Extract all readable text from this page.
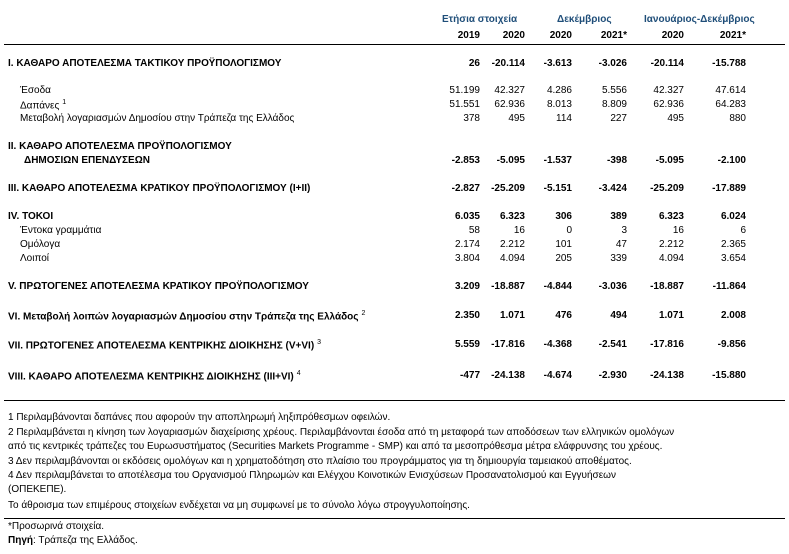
Ετήσια στοιχεία	Δεκέμβριος	Ιανουάριος-Δεκέμβριος
2019	2020	2020	2021*	2020	2021*
Ι. ΚΑΘΑΡΟ ΑΠΟΤΕΛΕΣΜΑ ΤΑΚΤΙΚΟΥ ΠΡΟΫΠΟΛΟΓΙΣΜΟΥ	26	-20.114	-3.613	-3.026	-20.114	-15.788
Έσοδα	51.199	42.327	4.286	5.556	42.327	47.614
Δαπάνες $^1$	51.551	62.936	8.013	8.809	62.936	64.283
Μεταβολή λογαριασμών Δημοσίου στην Τράπεζα της Ελλάδος	378	495	114	227	495	880
ΙΙ. ΚΑΘΑΡΟ ΑΠΟΤΕΛΕΣΜΑ ΠΡΟΫΠΟΛΟΓΙΣΜΟΥ
ΔΗΜΟΣΙΩΝ ΕΠΕΝΔΥΣΕΩΝ	-2.853	-5.095	-1.537	-398	-5.095	-2.100
ΙΙΙ. ΚΑΘΑΡΟ ΑΠΟΤΕΛΕΣΜΑ ΚΡΑΤΙΚΟΥ ΠΡΟΫΠΟΛΟΓΙΣΜΟΥ (Ι+ΙΙ)	-2.827	-25.209	-5.151	-3.424	-25.209	-17.889
ΙV. ΤΟΚΟΙ	6.035	6.323	306	389	6.323	6.024
Έντοκα γραμμάτια	58	16	0	3	16	6
Ομόλογα	2.174	2.212	101	47	2.212	2.365
Λοιποί	3.804	4.094	205	339	4.094	3.654
V. ΠΡΩΤΟΓΕΝΕΣ ΑΠΟΤΕΛΕΣΜΑ ΚΡΑΤΙΚΟΥ ΠΡΟΫΠΟΛΟΓΙΣΜΟΥ	3.209	-18.887	-4.844	-3.036	-18.887	-11.864
VI. Μεταβολή λοιπών λογαριασμών Δημοσίου στην Τράπεζα της Ελλάδος $^2$	2.350	1.071	476	494	1.071	2.008
VII. ΠΡΩΤΟΓΕΝΕΣ ΑΠΟΤΕΛΕΣΜΑ ΚΕΝΤΡΙΚΗΣ ΔΙΟΙΚΗΣΗΣ (V+VI) $^3$	5.559	-17.816	-4.368	-2.541	-17.816	-9.856
VIII. ΚΑΘΑΡΟ ΑΠΟΤΕΛΕΣΜΑ ΚΕΝΤΡΙΚΗΣ ΔΙΟΙΚΗΣΗΣ (III+VI) $^4$	-477	-24.138	-4.674	-2.930	-24.138	-15.880
1 Περιλαμβάνονται δαπάνες που αφορούν την αποπληρωμή ληξιπρόθεσμων οφειλών.
2 Περιλαμβάνεται η κίνηση των λογαριασμών διαχείρισης χρέους. Περιλαμβάνονται έσοδα από τη μεταφορά των αποδόσεων των ελληνικών ομολόγων
από τις κεντρικές τράπεζες του Ευρωσυστήματος (Securities Markets Programme - SMP) και από τα μεσοπρόθεσμα μέτρα ελάφρυνσης του χρέους.
3 Δεν περιλαμβάνονται οι εκδόσεις ομολόγων και η χρηματοδότηση στο πλαίσιο του προγράμματος για τη δημιουργία ταμειακού αποθέματος.
4 Δεν περιλαμβάνεται το αποτέλεσμα του Οργανισμού Πληρωμών και Ελέγχου Κοινοτικών Ενισχύσεων Προσανατολισμού και Εγγυήσεων
(ΟΠΕΚΕΠΕ).
Το άθροισμα των επιμέρους στοιχείων ενδέχεται να μη συμφωνεί με το σύνολο λόγω στρογγυλοποίησης.
*Προσωρινά στοιχεία.
Πηγή: Τράπεζα της Ελλάδος.
